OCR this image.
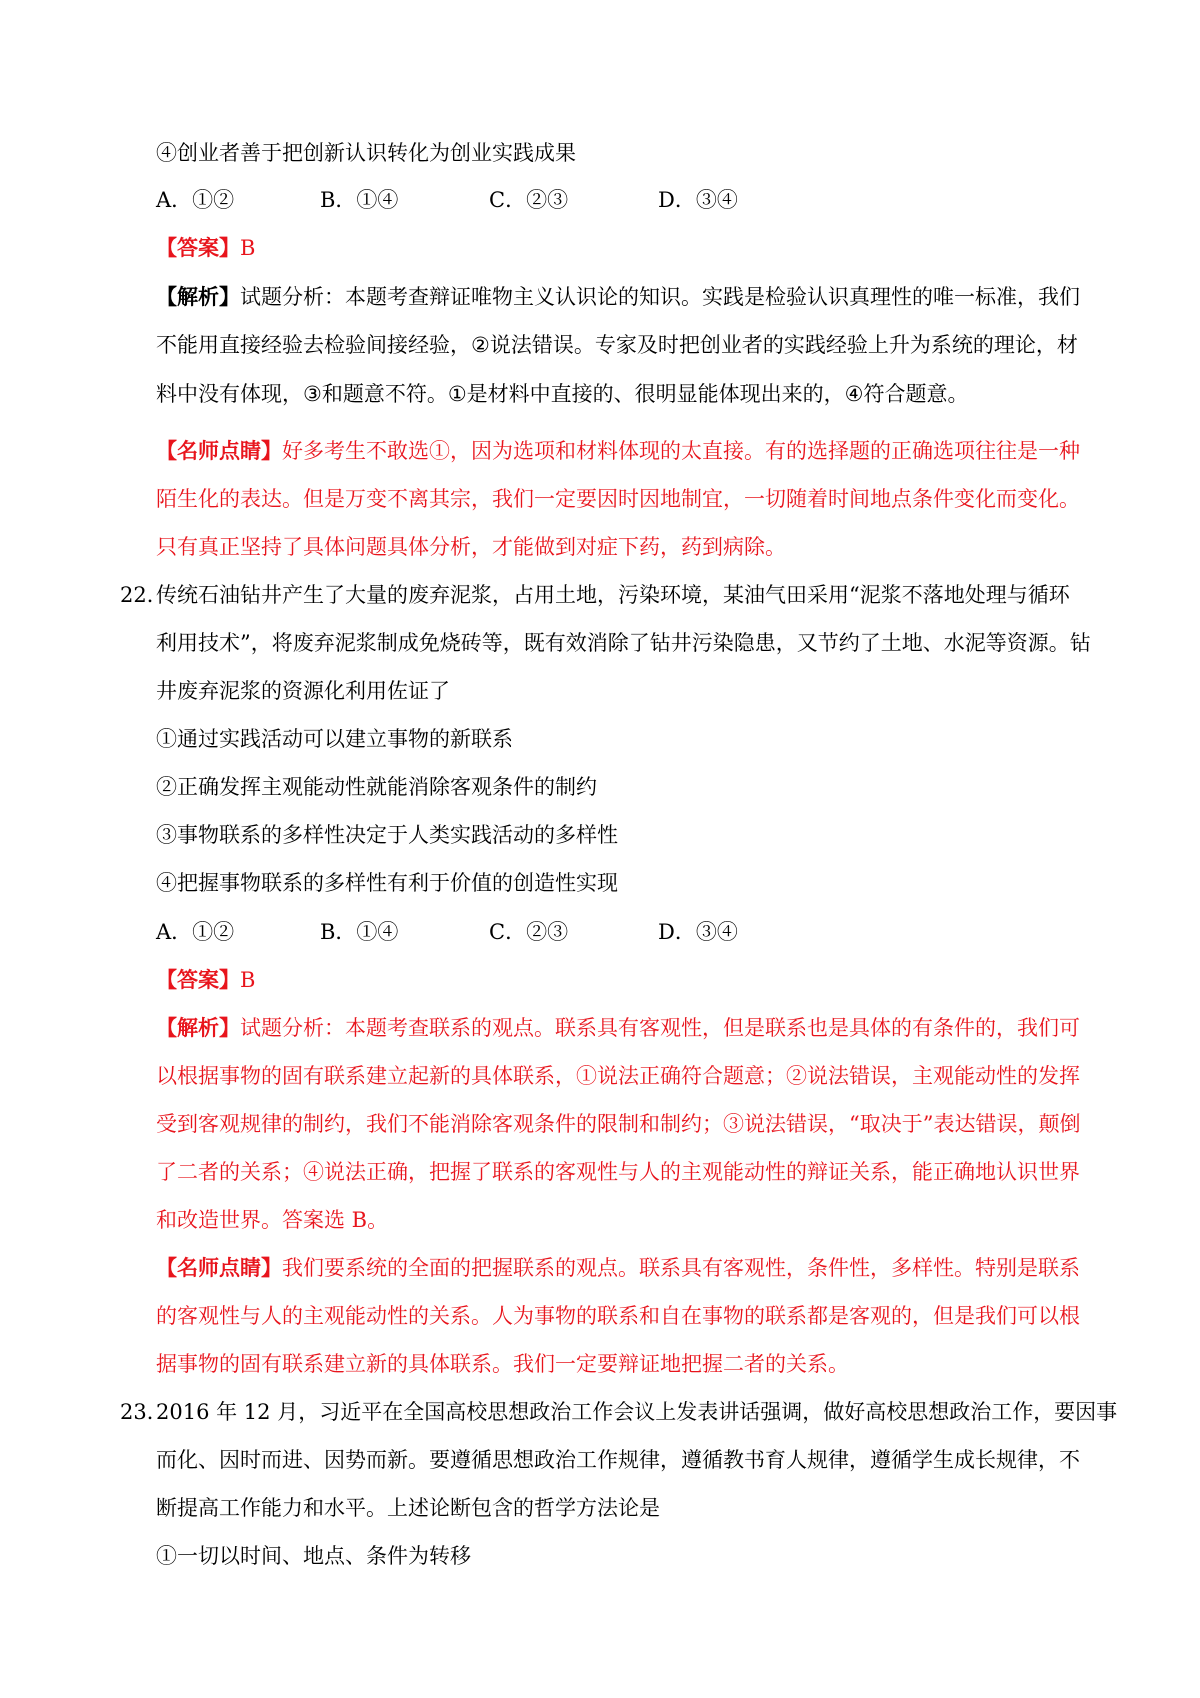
④创业者善于把创新认识转化为创业实践成果
A．①②	B．①④	C．②③	D．③④
【答案】B
【解析】试题分析：本题考查辩证唯物主义认识论的知识。实践是检验认识真理性的唯一标准，我们
不能用直接经验去检验间接经验，②说法错误。专家及时把创业者的实践经验上升为系统的理论，材
料中没有体现，③和题意不符。①是材料中直接的、很明显能体现出来的，④符合题意。
【名师点睛】好多考生不敢选①，因为选项和材料体现的太直接。有的选择题的正确选项往往是一种
陌生化的表达。但是万变不离其宗，我们一定要因时因地制宜，一切随着时间地点条件变化而变化。
只有真正坚持了具体问题具体分析，才能做到对症下药，药到病除。
22．
传统石油钻井产生了大量的废弃泥浆，占用土地，污染环境，某油气田采用“泥浆不落地处理与循环
利用技术”，将废弃泥浆制成免烧砖等，既有效消除了钻井污染隐患，又节约了土地、水泥等资源。钻
井废弃泥浆的资源化利用佐证了
①通过实践活动可以建立事物的新联系
②正确发挥主观能动性就能消除客观条件的制约
③事物联系的多样性决定于人类实践活动的多样性
④把握事物联系的多样性有利于价值的创造性实现
A．①②	B．①④	C．②③	D．③④
【答案】B
【解析】试题分析：本题考查联系的观点。联系具有客观性，但是联系也是具体的有条件的，我们可
以根据事物的固有联系建立起新的具体联系，①说法正确符合题意；②说法错误，主观能动性的发挥
受到客观规律的制约，我们不能消除客观条件的限制和制约；③说法错误，“取决于”表达错误，颠倒
了二者的关系；④说法正确，把握了联系的客观性与人的主观能动性的辩证关系，能正确地认识世界
和改造世界。答案选 B。
【名师点睛】我们要系统的全面的把握联系的观点。联系具有客观性，条件性，多样性。特别是联系
的客观性与人的主观能动性的关系。人为事物的联系和自在事物的联系都是客观的，但是我们可以根
据事物的固有联系建立新的具体联系。我们一定要辩证地把握二者的关系。
23．
2016 年 12 月，习近平在全国高校思想政治工作会议上发表讲话强调，做好高校思想政治工作，要因事
而化、因时而进、因势而新。要遵循思想政治工作规律，遵循教书育人规律，遵循学生成长规律，不
断提高工作能力和水平。上述论断包含的哲学方法论是
①一切以时间、地点、条件为转移
